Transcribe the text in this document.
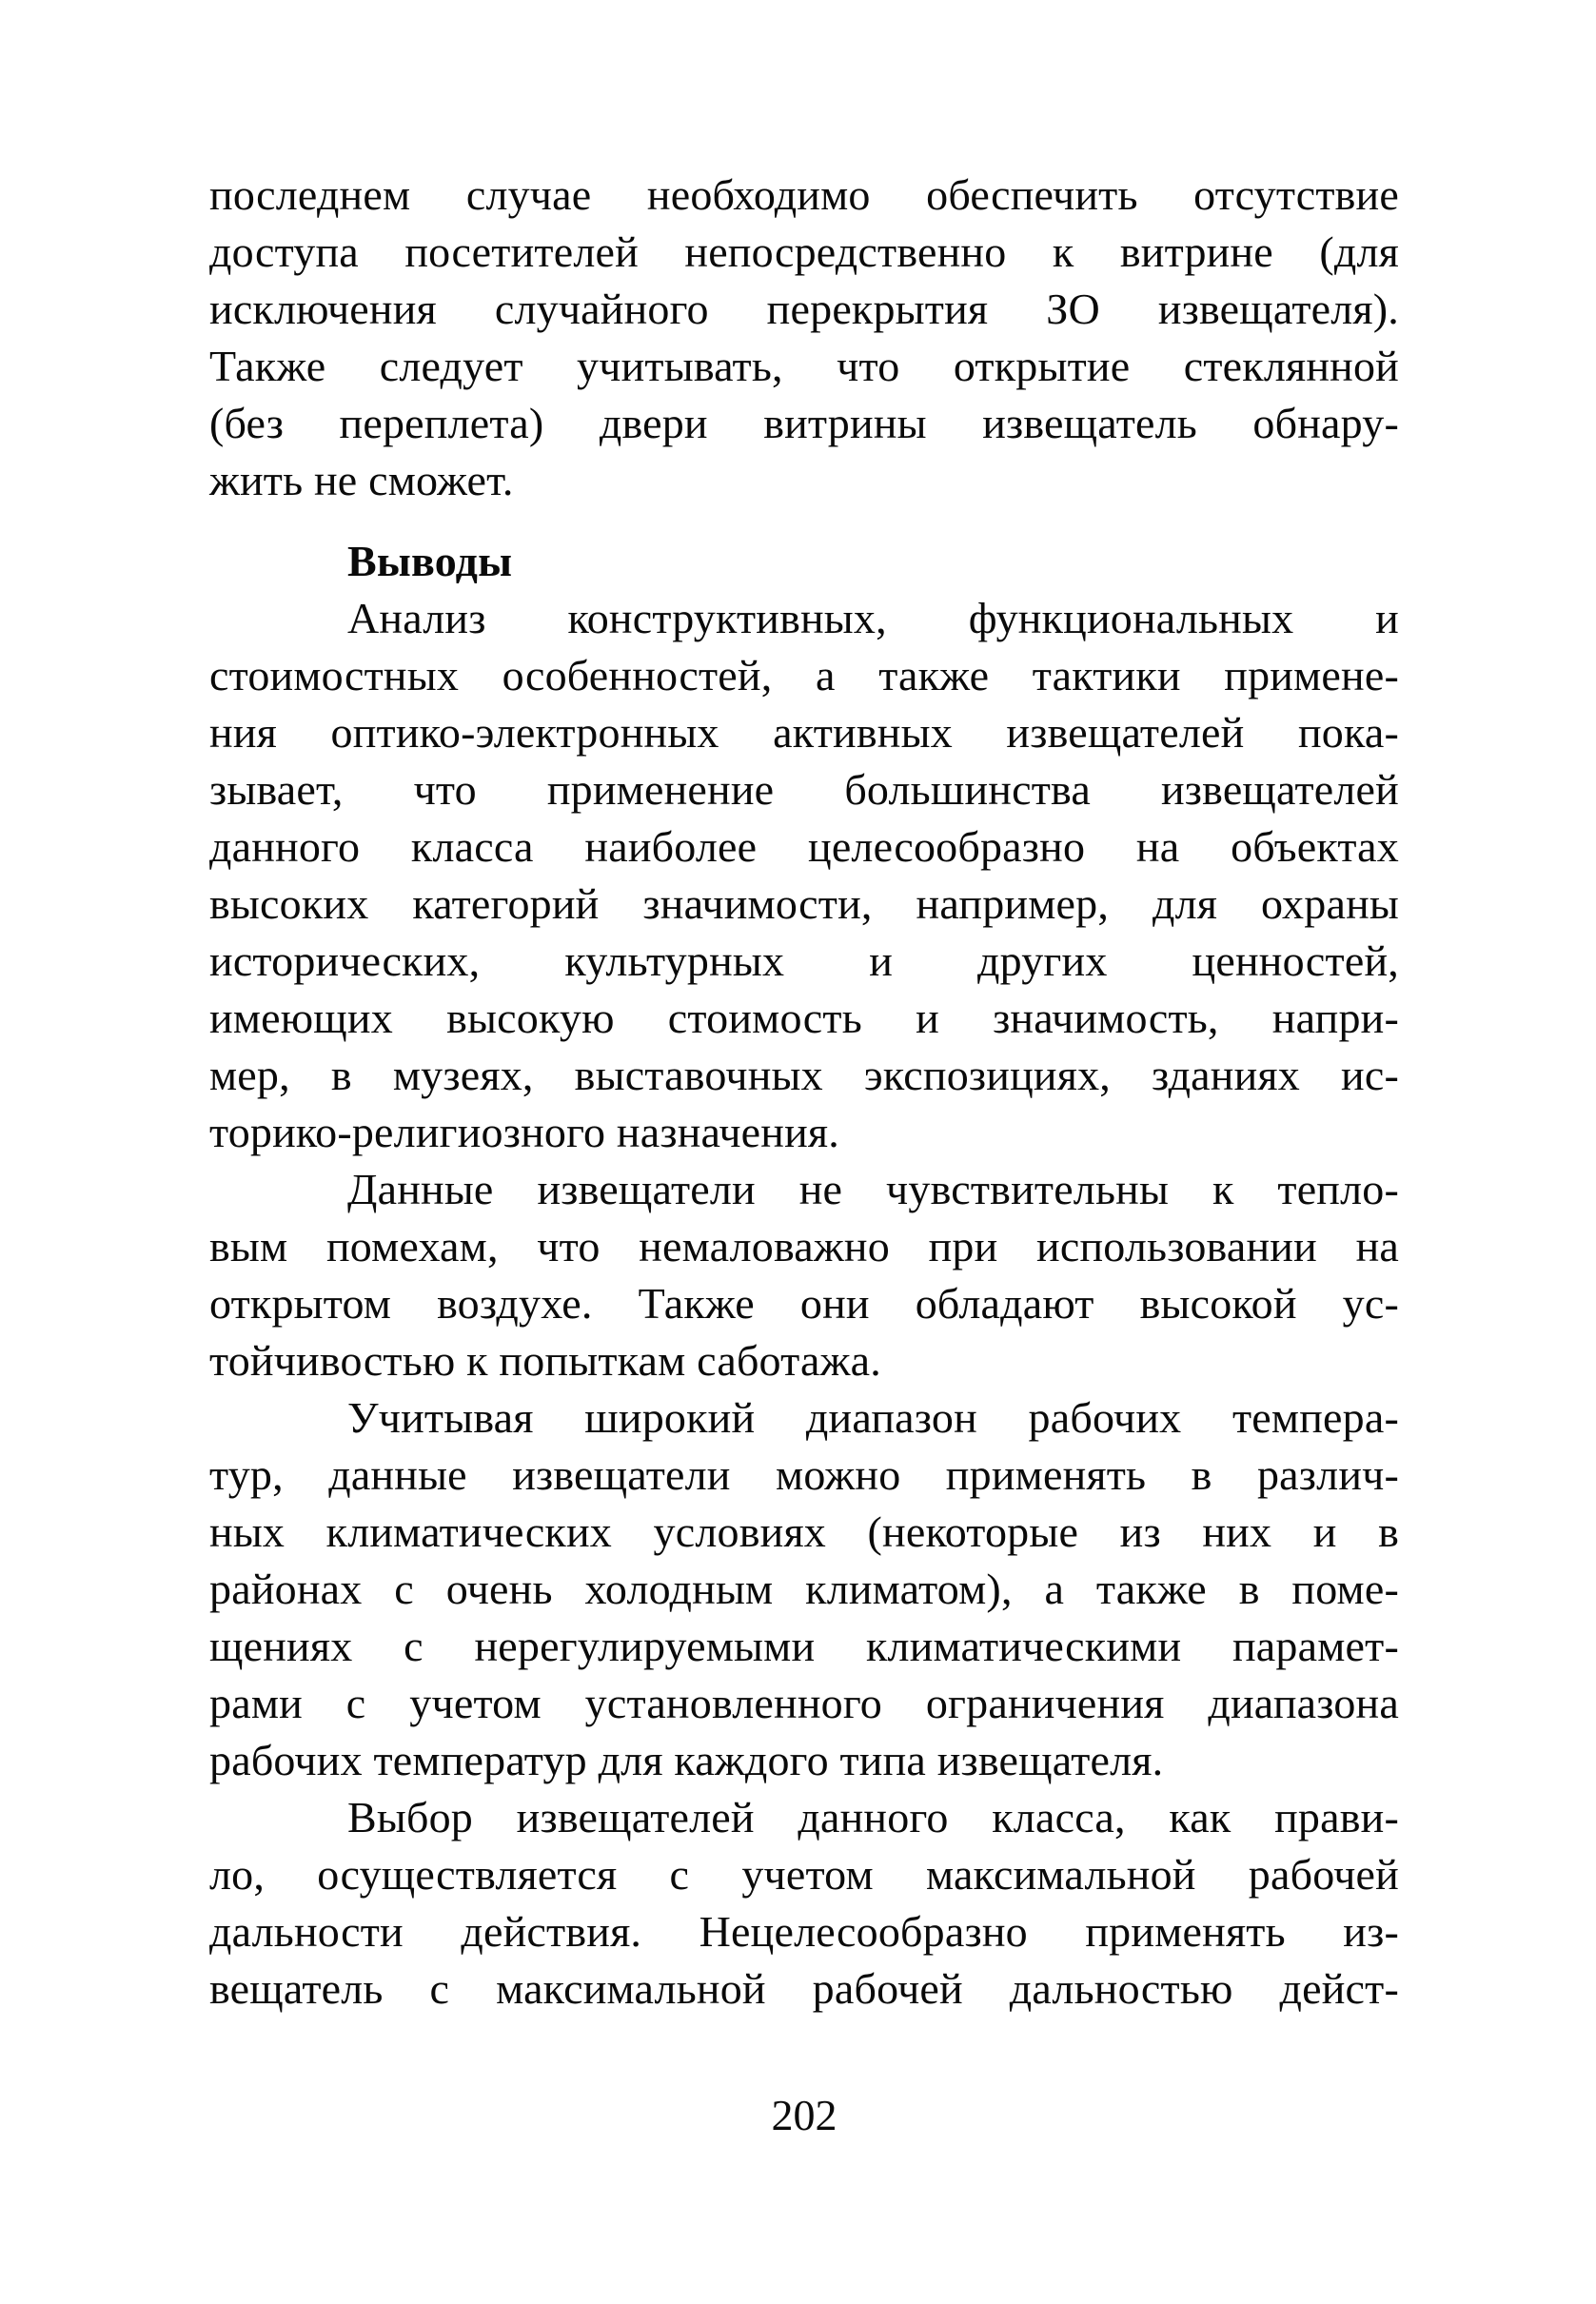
последнем случае необходимо обеспечить отсутствие
доступа посетителей непосредственно к витрине (для
исключения случайного перекрытия ЗО извещателя).
Также следует учитывать, что открытие стеклянной
(без переплета) двери витрины извещатель обнару-
жить не сможет.
Выводы
Анализ конструктивных, функциональных и
стоимостных особенностей, а также тактики примене-
ния оптико-электронных активных извещателей пока-
зывает, что применение большинства извещателей
данного класса наиболее целесообразно на объектах
высоких категорий значимости, например, для охраны
исторических, культурных и других ценностей,
имеющих высокую стоимость и значимость, напри-
мер, в музеях, выставочных экспозициях, зданиях ис-
торико-религиозного назначения.
Данные извещатели не чувствительны к тепло-
вым помехам, что немаловажно при использовании на
открытом воздухе. Также они обладают высокой ус-
тойчивостью к попыткам саботажа.
Учитывая широкий диапазон рабочих темпера-
тур, данные извещатели можно применять в различ-
ных климатических условиях (некоторые из них и в
районах с очень холодным климатом), а также в поме-
щениях с нерегулируемыми климатическими парамет-
рами с учетом установленного ограничения диапазона
рабочих температур для каждого типа извещателя.
Выбор извещателей данного класса, как прави-
ло, осуществляется с учетом максимальной рабочей
дальности действия. Нецелесообразно применять из-
вещатель с максимальной рабочей дальностью дейст-
202
